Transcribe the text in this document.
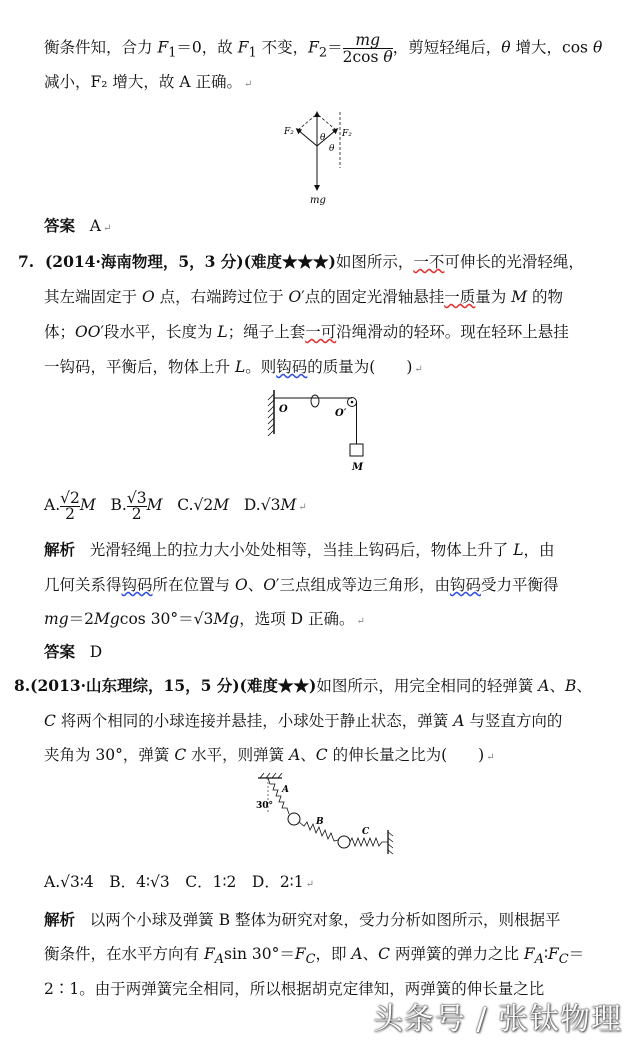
衡条件知，合力 $F_1=0$，故 $F_1$ 不变，$F_2= \frac{mg}{\text{2cos θ}}$ ，剪短轻绳后，θ 增大，cos θ
减小，F₂ 增大，故 A 正确。 ↵
F₂	F₂
θ
θ
mg
答案 A ↵
7.  (2014·海南物理，5，3 分)(难度★★★)如图所示，一不可伸长的光滑轻绳，
其左端固定于 O 点，右端跨过位于 O′点的固定光滑轴悬挂一质量为 M 的物
体；OO′段水平，长度为 L；绳子上套一可沿绳滑动的轻环。现在轻环上悬挂
一钩码，平衡后，物体上升 L。则钩码的质量为(　　) ↵
O	O′
M
A. $\frac{√2}{2}$ M   B. $\frac{√3}{2}$ M   C.√2M   D.√3M ↵
解析   光滑轻绳上的拉力大小处处相等，当挂上钩码后，物体上升了 L，由
几何关系得钩码所在位置与 O、O′三点组成等边三角形，由钩码受力平衡得
mg＝2Mgcos 30°＝√3Mg，选项 D 正确。 ↵
答案 D
8.(2013·山东理综，15，5 分)(难度★★)如图所示，用完全相同的轻弹簧 A、B、
C 将两个相同的小球连接并悬挂，小球处于静止状态，弹簧 A 与竖直方向的
夹角为 30°，弹簧 C 水平，则弹簧 A、C 的伸长量之比为(　　) ↵
A
30°
B
C
A.√3∶4　B．4∶√3　C．1∶2　D．2∶1 ↵
解析 以两个小球及弹簧 B 整体为研究对象，受力分析如图所示，则根据平
衡条件，在水平方向有 $F_A\sin$ $30^\circ=F_C$，即 A、C 两弹簧的弹力之比 $F_A∶F_C=$
2∶1。由于两弹簧完全相同，所以根据胡克定律知，两弹簧的伸长量之比
头条号 / 张钛物理
